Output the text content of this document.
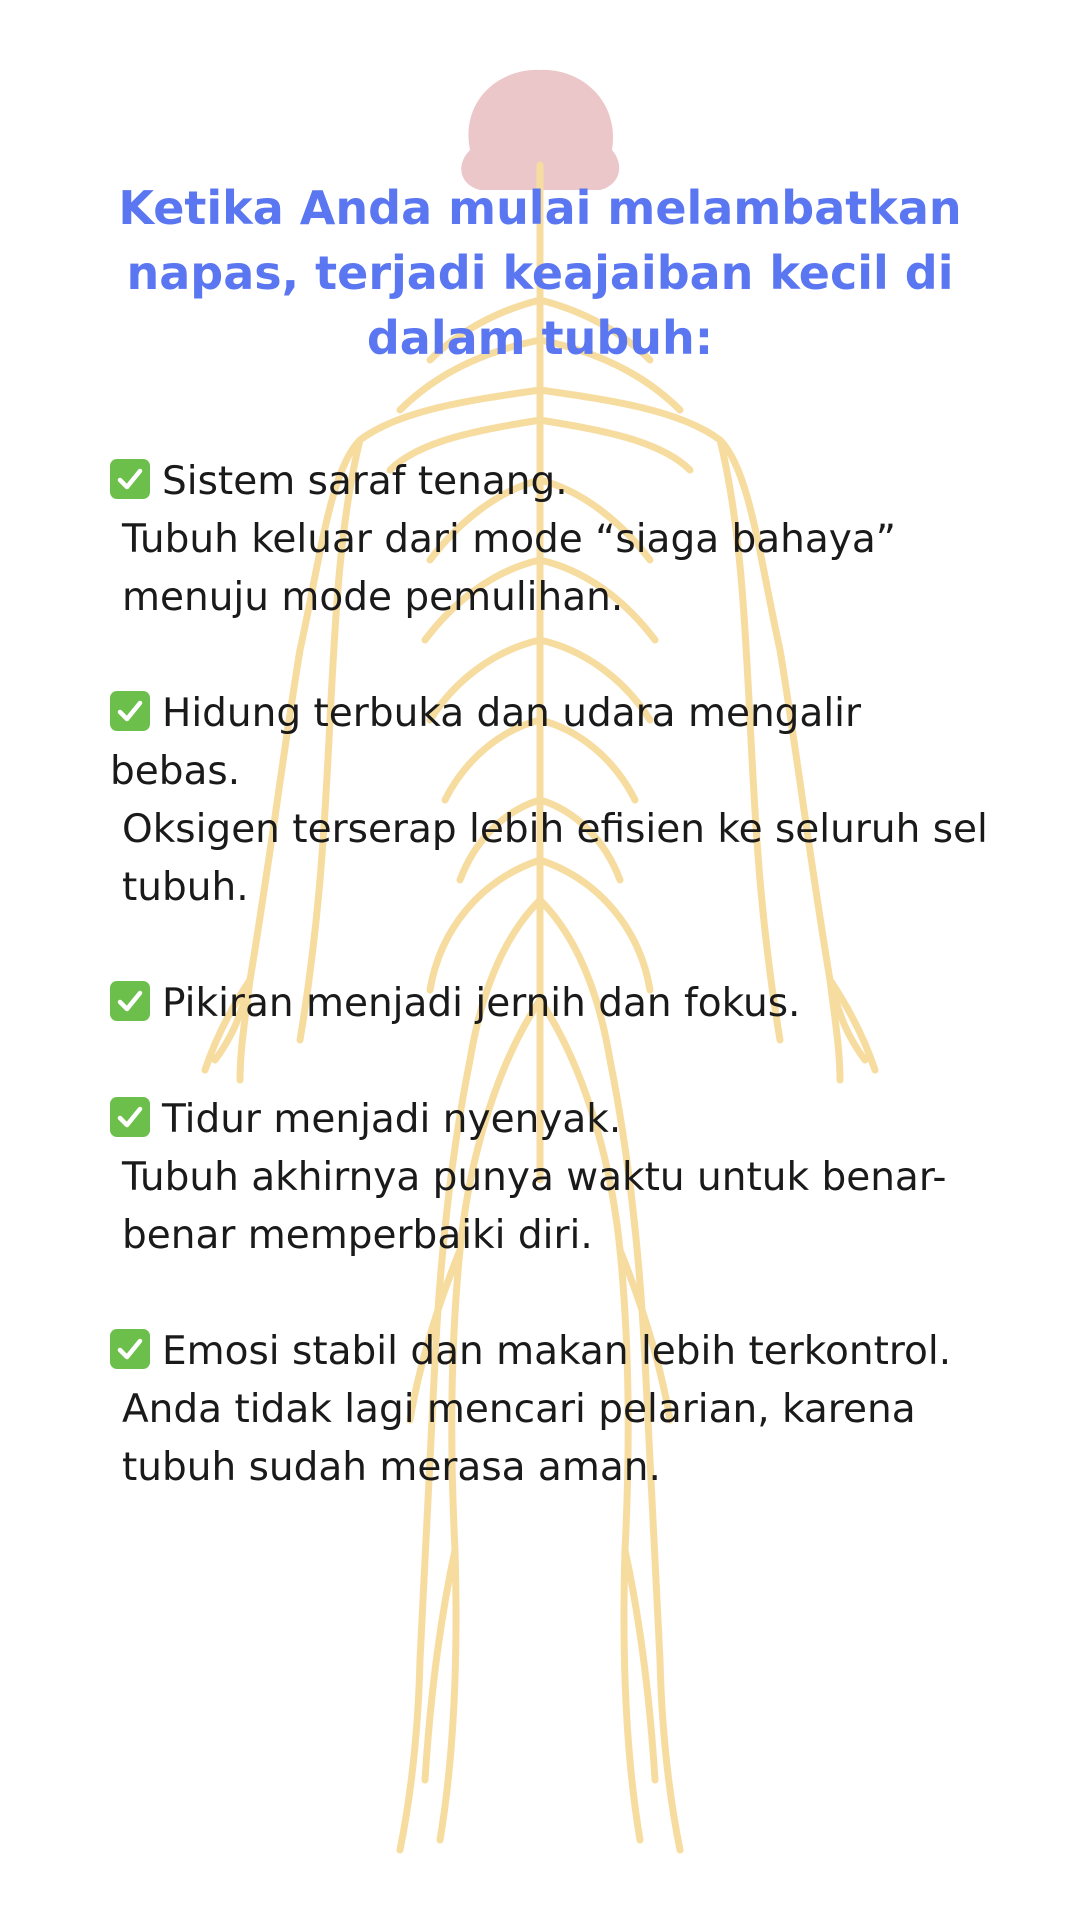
Ketika Anda mulai melambatkan napas, terjadi keajaiban kecil di dalam tubuh:
Sistem saraf tenang.
Tubuh keluar dari mode “siaga bahaya” menuju mode pemulihan.
Hidung terbuka dan udara mengalir bebas.
Oksigen terserap lebih efisien ke seluruh sel tubuh.
Pikiran menjadi jernih dan fokus.
Tidur menjadi nyenyak.
Tubuh akhirnya punya waktu untuk benar-benar memperbaiki diri.
Emosi stabil dan makan lebih terkontrol.
Anda tidak lagi mencari pelarian, karena tubuh sudah merasa aman.
